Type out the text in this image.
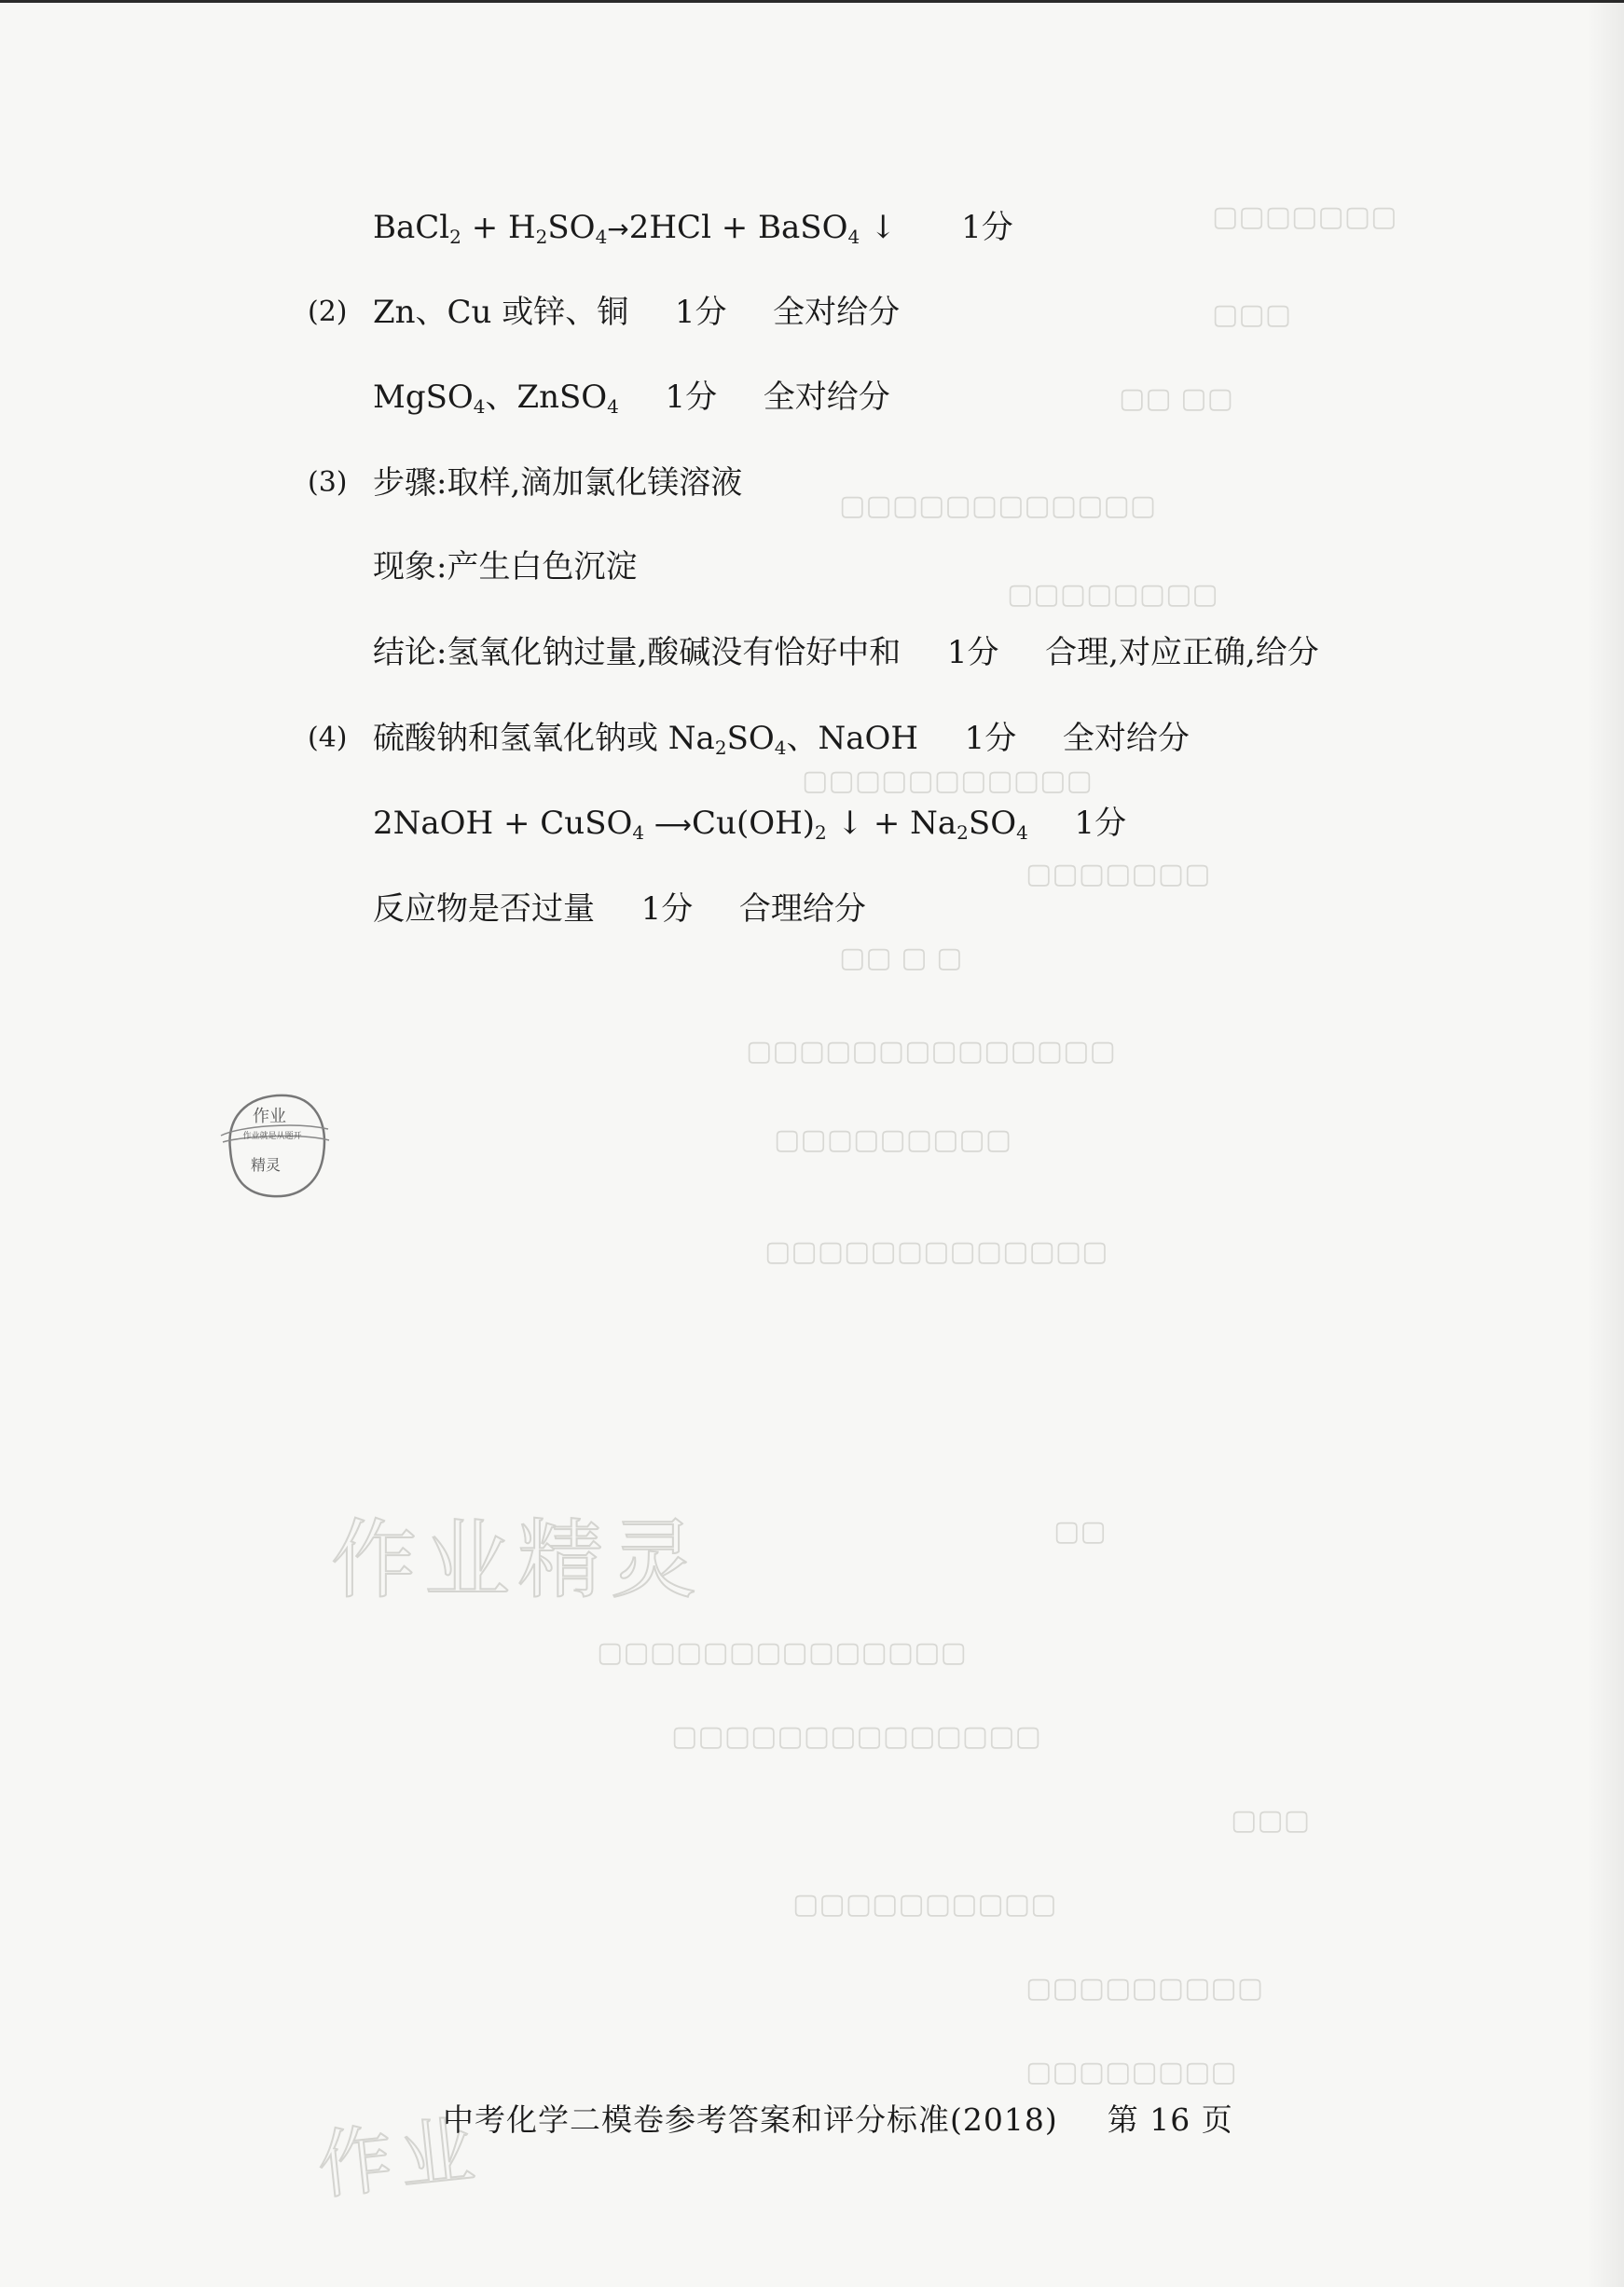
▢▢▢▢▢▢▢
▢▢▢
▢▢ ▢▢
▢▢▢▢▢▢▢▢▢▢▢▢
▢▢▢▢▢▢▢▢
▢▢▢▢▢▢▢▢▢▢▢
▢▢▢▢▢▢▢
▢▢ ▢ ▢
▢▢▢▢▢▢▢▢▢▢▢▢▢▢
▢▢▢▢▢▢▢▢▢
▢▢▢▢▢▢▢▢▢▢▢▢▢
▢▢
▢▢▢▢▢▢▢▢▢▢▢▢▢▢
▢▢▢▢▢▢▢▢▢▢▢▢▢▢
▢▢▢
▢▢▢▢▢▢▢▢▢▢
▢▢▢▢▢▢▢▢▢
▢▢▢▢▢▢▢▢
BaCl$_2$ + $H_2SO_4\to 2HCl$ + BaSO$_4$ ↓ 1分
(2) Zn、Cu 或锌、铜 1分 全对给分
MgSO$_4$、ZnSO$_4$ 1分 全对给分
(3) 步骤:取样,滴加氯化镁溶液
现象:产生白色沉淀
结论:氢氧化钠过量,酸碱没有恰好中和 1分 合理,对应正确,给分
(4) 硫酸钠和氢氧化钠或 $Na_2SO_4$、NaOH 1分 全对给分
2NaOH + CuSO$_4$ $⟶Cu(OH)_2$ ↓ + $Na_2SO_4$ 1分
反应物是否过量 1分 合理给分
作业
作业就是从题开
精灵
作业精灵
作业
中考化学二模卷参考答案和评分标准(2018) 第 16 页
